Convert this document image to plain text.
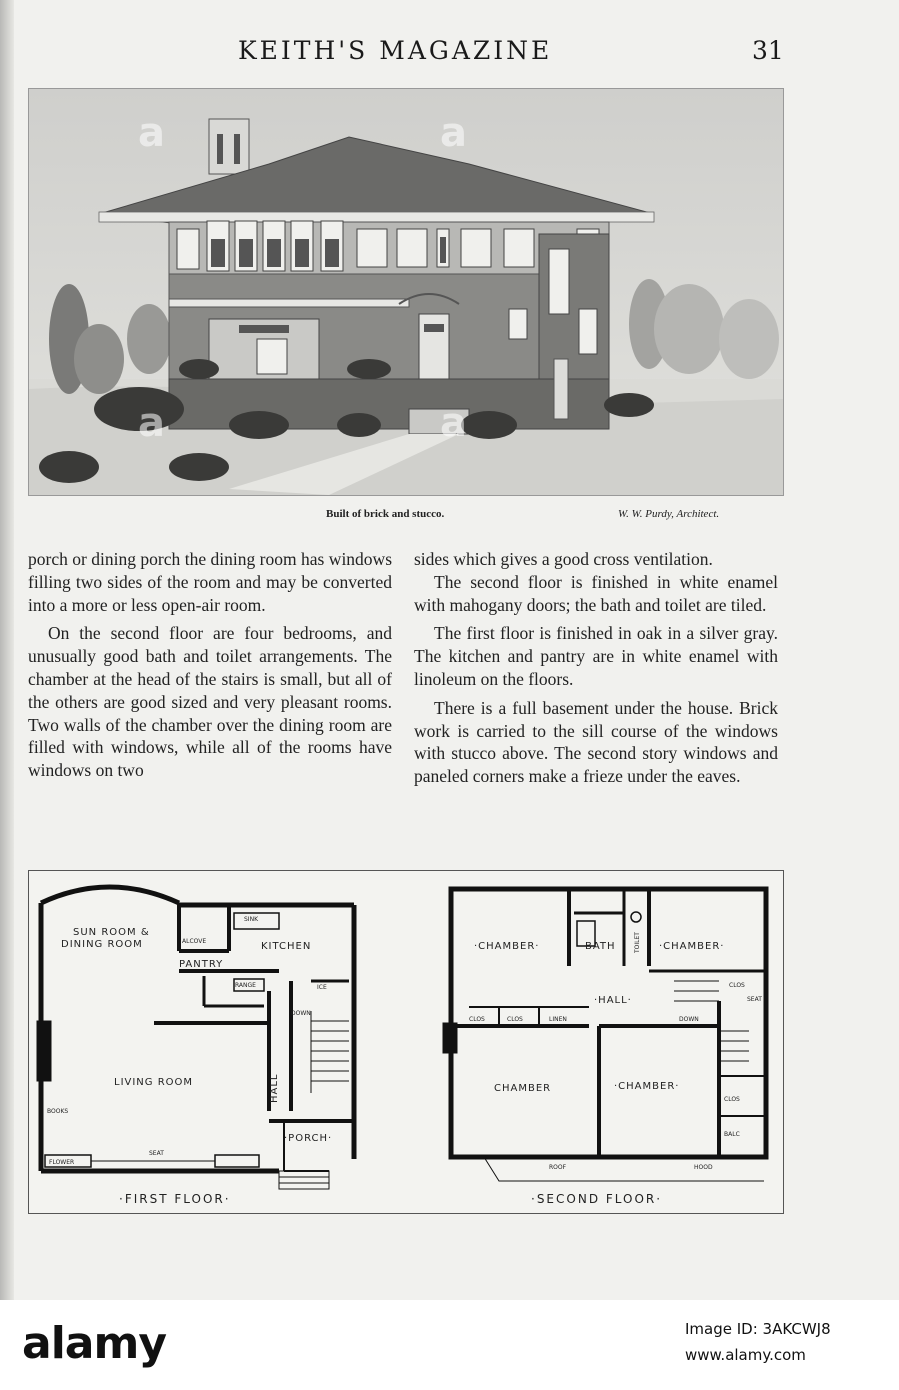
KEITH'S MAGAZINE	31
Built of brick and stucco.	W. W. Purdy, Architect.

porch or dining porch the dining room has windows filling two sides of the room and may be converted into a more or less open-air room.

On the second floor are four bedrooms, and unusually good bath and toilet arrangements. The chamber at the head of the stairs is small, but all of the others are good sized and very pleasant rooms. Two walls of the chamber over the dining room are filled with windows, while all of the rooms have windows on two

sides which gives a good cross ventilation.

The second floor is finished in white enamel with mahogany doors; the bath and toilet are tiled.

The first floor is finished in oak in a silver gray. The kitchen and pantry are in white enamel with linoleum on the floors.

There is a full basement under the house. Brick work is carried to the sill course of the windows with stucco above. The second story windows and paneled corners make a frieze under the eaves.

SUN ROOM &
DINING ROOM	ALCOVE	KITCHEN
PANTRY
LIVING ROOM
SINK
RANGE	ICE
DOWN
HALL
·PORCH·
SEAT
BOOKS
FLOWER
·FIRST FLOOR·
·CHAMBER·	BATH	TOILET ·CHAMBER·
·HALL·
CLOS	CLOS	LINEN
CLOS
SEAT
DOWN
CHAMBER	·CHAMBER·
CLOS
BALC
ROOF	HOOD
·SECOND FLOOR·
a	a
a	a
alamy	Image ID: 3AKCWJ8
www.alamy.com
